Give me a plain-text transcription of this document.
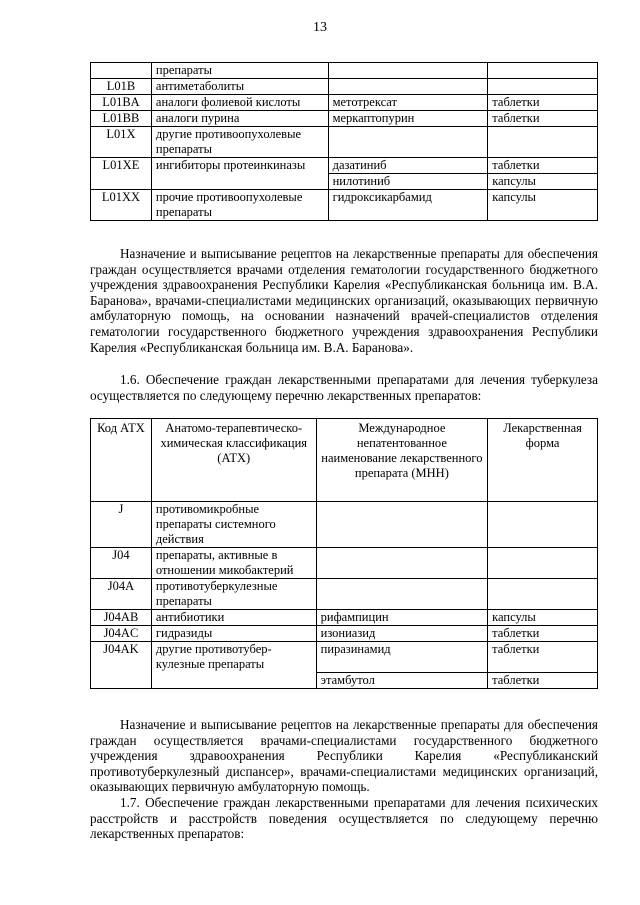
13
	препараты		
L01B	антиметаболиты		
L01BA	аналоги фолиевой кислоты	метотрексат	таблетки
L01BB	аналоги пурина	меркаптопурин	таблетки
L01X	другие противоопухолевые препараты		
L01XE	ингибиторы протеинкиназы	дазатиниб	таблетки
		нилотиниб	капсулы
L01XX	прочие противоопухолевые препараты	гидроксикарбамид	капсулы

Назначение и выписывание рецептов на лекарственные препараты для обеспечения граждан осуществляется врачами отделения гематологии государственного бюджетного учреждения здравоохранения Республики Карелия «Республиканская больница им. В.А. Баранова», врачами-специалистами медицинских организаций, оказывающих первичную амбулаторную помощь, на основании назначений врачей-специалистов отделения гематологии государственного бюджетного учреждения здравоохранения Республики Карелия «Республиканская больница им. В.А. Баранова».

1.6. Обеспечение граждан лекарственными препаратами для лечения туберкулеза осуществляется по следующему перечню лекарственных препаратов:

Код АТХ	Анатомо-терапевтическо-химическая классификация (АТХ)	Международное непатентованное наименование лекарственного препарата (МНН)	Лекарственная форма
J	противомикробные препараты системного действия		
J04	препараты, активные в отношении микобактерий		
J04A	противотуберкулезные препараты		
J04AB	антибиотики	рифампицин	капсулы
J04AC	гидразиды	изониазид	таблетки
J04AK	другие противотубер-кулезные препараты	пиразинамид	таблетки
		этамбутол	таблетки

Назначение и выписывание рецептов на лекарственные препараты для обеспечения граждан осуществляется врачами-специалистами государственного бюджетного учреждения здравоохранения Республики Карелия «Республиканский противотуберкулезный диспансер», врачами-специалистами медицинских организаций, оказывающих первичную амбулаторную помощь.

1.7. Обеспечение граждан лекарственными препаратами для лечения психических расстройств и расстройств поведения осуществляется по следующему перечню лекарственных препаратов:
